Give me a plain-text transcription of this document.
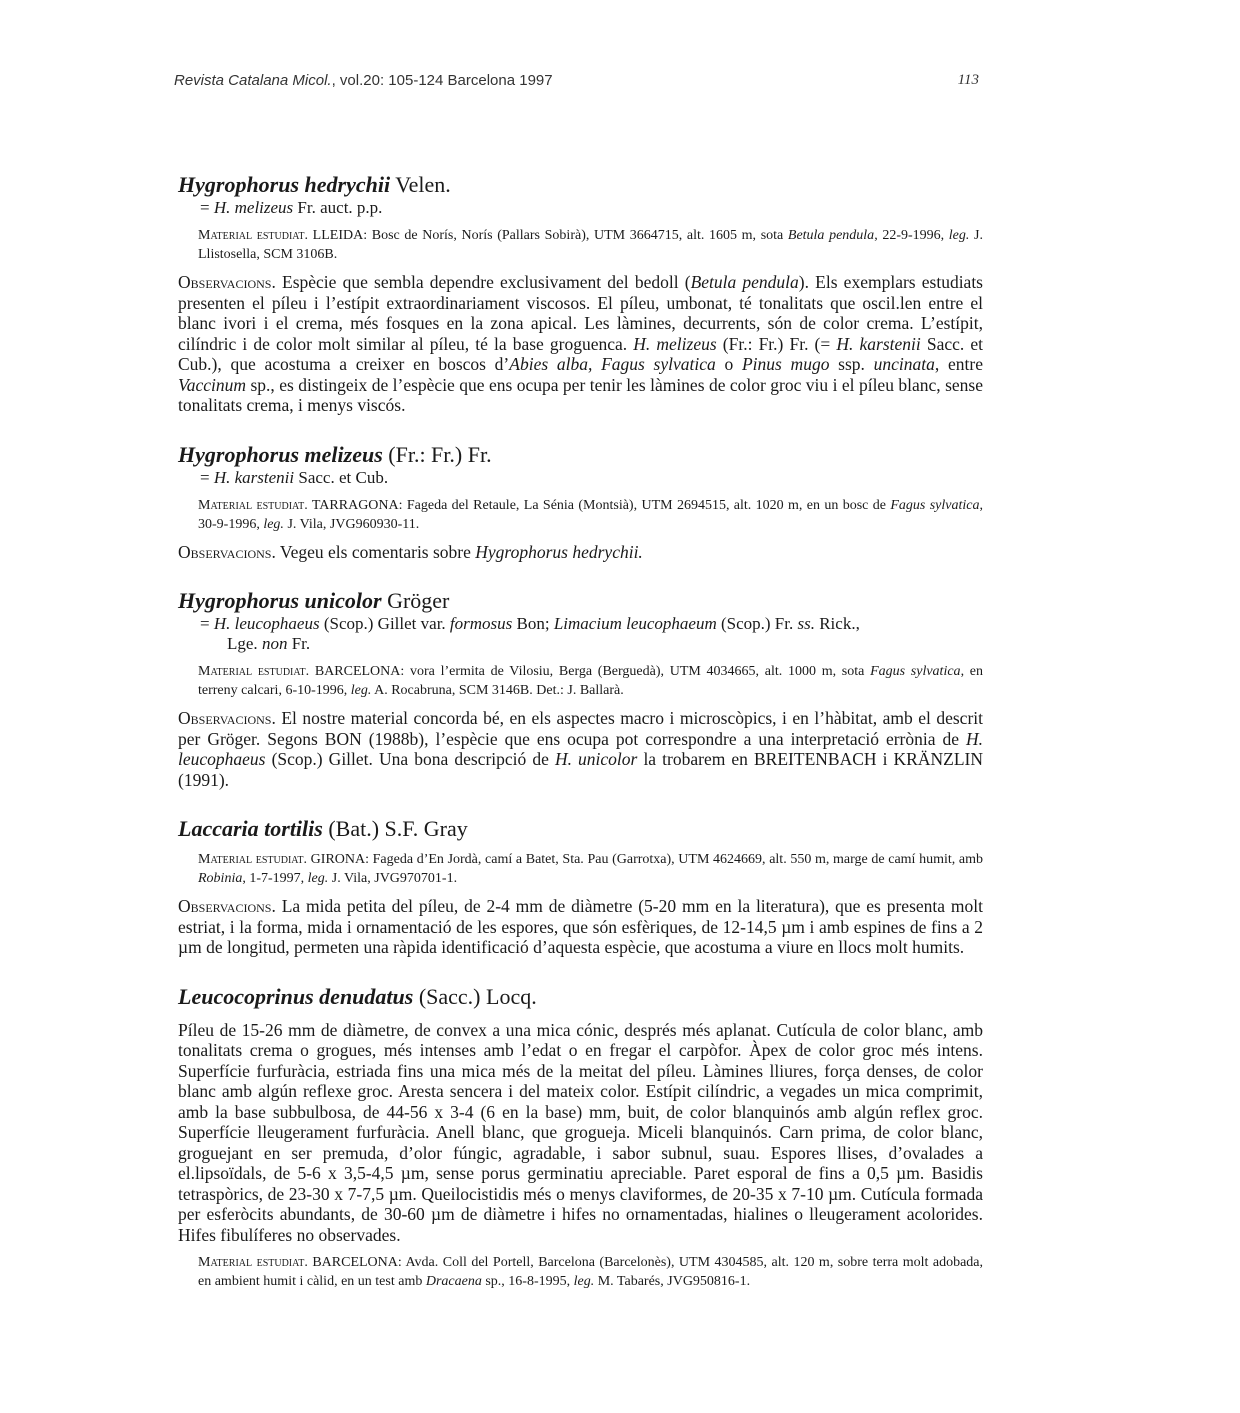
Revista Catalana Micol., vol.20: 105-124 Barcelona 1997	113
Hygrophorus hedrychii Velen.
= H. melizeus Fr. auct. p.p.
Material estudiat. LLEIDA: Bosc de Norís, Norís (Pallars Sobirà), UTM 3664715, alt. 1605 m, sota Betula pendula, 22-9-1996, leg. J. Llistosella, SCM 3106B.
Observacions. Espècie que sembla dependre exclusivament del bedoll (Betula pendula). Els exemplars estudiats presenten el píleu i l’estípit extraordinariament viscosos. El píleu, umbonat, té tonalitats que oscil.len entre el blanc ivori i el crema, més fosques en la zona apical. Les làmines, decurrents, són de color crema. L’estípit, cilíndric i de color molt similar al píleu, té la base groguenca. H. melizeus (Fr.: Fr.) Fr. (= H. karstenii Sacc. et Cub.), que acostuma a creixer en boscos d’Abies alba, Fagus sylvatica o Pinus mugo ssp. uncinata, entre Vaccinum sp., es distingeix de l’espècie que ens ocupa per tenir les làmines de color groc viu i el píleu blanc, sense tonalitats crema, i menys viscós.
Hygrophorus melizeus (Fr.: Fr.) Fr.
= H. karstenii Sacc. et Cub.
Material estudiat. TARRAGONA: Fageda del Retaule, La Sénia (Montsià), UTM 2694515, alt. 1020 m, en un bosc de Fagus sylvatica, 30-9-1996, leg. J. Vila, JVG960930-11.
Observacions. Vegeu els comentaris sobre Hygrophorus hedrychii.
Hygrophorus unicolor Gröger
= H. leucophaeus (Scop.) Gillet var. formosus Bon; Limacium leucophaeum (Scop.) Fr. ss. Rick.,
Lge. non Fr.
Material estudiat. BARCELONA: vora l’ermita de Vilosiu, Berga (Berguedà), UTM 4034665, alt. 1000 m, sota Fagus sylvatica, en terreny calcari, 6-10-1996, leg. A. Rocabruna, SCM 3146B. Det.: J. Ballarà.
Observacions. El nostre material concorda bé, en els aspectes macro i microscòpics, i en l’hàbitat, amb el descrit per Gröger. Segons BON (1988b), l’espècie que ens ocupa pot correspondre a una interpretació errònia de H. leucophaeus (Scop.) Gillet. Una bona descripció de H. unicolor la trobarem en BREITENBACH i KRÄNZLIN (1991).
Laccaria tortilis (Bat.) S.F. Gray
Material estudiat. GIRONA: Fageda d’En Jordà, camí a Batet, Sta. Pau (Garrotxa), UTM 4624669, alt. 550 m, marge de camí humit, amb Robinia, 1-7-1997, leg. J. Vila, JVG970701-1.
Observacions. La mida petita del píleu, de 2-4 mm de diàmetre (5-20 mm en la literatura), que es presenta molt estriat, i la forma, mida i ornamentació de les espores, que són esfèriques, de 12-14,5 µm i amb espines de fins a 2 µm de longitud, permeten una ràpida identificació d’aquesta espècie, que acostuma a viure en llocs molt humits.
Leucocoprinus denudatus (Sacc.) Locq.
Píleu de 15-26 mm de diàmetre, de convex a una mica cónic, després més aplanat. Cutícula de color blanc, amb tonalitats crema o grogues, més intenses amb l’edat o en fregar el carpòfor. Àpex de color groc més intens. Superfície furfuràcia, estriada fins una mica més de la meitat del píleu. Làmines lliures, força denses, de color blanc amb algún reflexe groc. Aresta sencera i del mateix color. Estípit cilíndric, a vegades un mica comprimit, amb la base subbulbosa, de 44-56 x 3-4 (6 en la base) mm, buit, de color blanquinós amb algún reflex groc. Superfície lleugerament furfuràcia. Anell blanc, que grogueja. Miceli blanquinós. Carn prima, de color blanc, groguejant en ser premuda, d’olor fúngic, agradable, i sabor subnul, suau. Espores llises, d’ovalades a el.lipsoïdals, de 5-6 x 3,5-4,5 µm, sense porus germinatiu apreciable. Paret esporal de fins a 0,5 µm. Basidis tetraspòrics, de 23-30 x 7-7,5 µm. Queilocistidis més o menys claviformes, de 20-35 x 7-10 µm. Cutícula formada per esferòcits abundants, de 30-60 µm de diàmetre i hifes no ornamentadas, hialines o lleugerament acolorides. Hifes fibulíferes no observades.
Material estudiat. BARCELONA: Avda. Coll del Portell, Barcelona (Barcelonès), UTM 4304585, alt. 120 m, sobre terra molt adobada, en ambient humit i càlid, en un test amb Dracaena sp., 16-8-1995, leg. M. Tabarés, JVG950816-1.
